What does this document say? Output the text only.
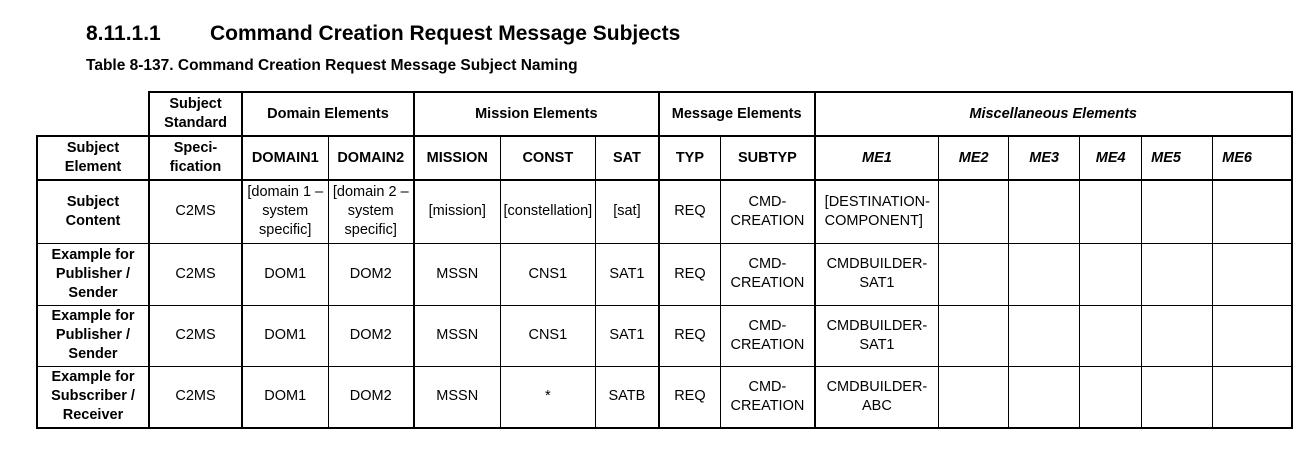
8.11.1.1 Command Creation Request Message Subjects
Table 8-137. Command Creation Request Message Subject Naming
	Subject Standard	Domain Elements		Mission Elements			Message Elements		Miscellaneous Elements					
Subject Element	Speci-fication	DOMAIN1	DOMAIN2	MISSION	CONST	SAT	TYP	SUBTYP	ME1	ME2	ME3	ME4	ME5	ME6
Subject Content	C2MS	[domain 1 – system specific]	[domain 2 – system specific]	[mission]	[constellation]	[sat]	REQ	CMD-CREATION	[DESTINATION-COMPONENT]					
Example for Publisher / Sender	C2MS	DOM1	DOM2	MSSN	CNS1	SAT1	REQ	CMD-CREATION	CMDBUILDER-SAT1					
Example for Publisher / Sender	C2MS	DOM1	DOM2	MSSN	CNS1	SAT1	REQ	CMD-CREATION	CMDBUILDER-SAT1					
Example for Subscriber / Receiver	C2MS	DOM1	DOM2	MSSN	*	SATB	REQ	CMD-CREATION	CMDBUILDER-ABC					
